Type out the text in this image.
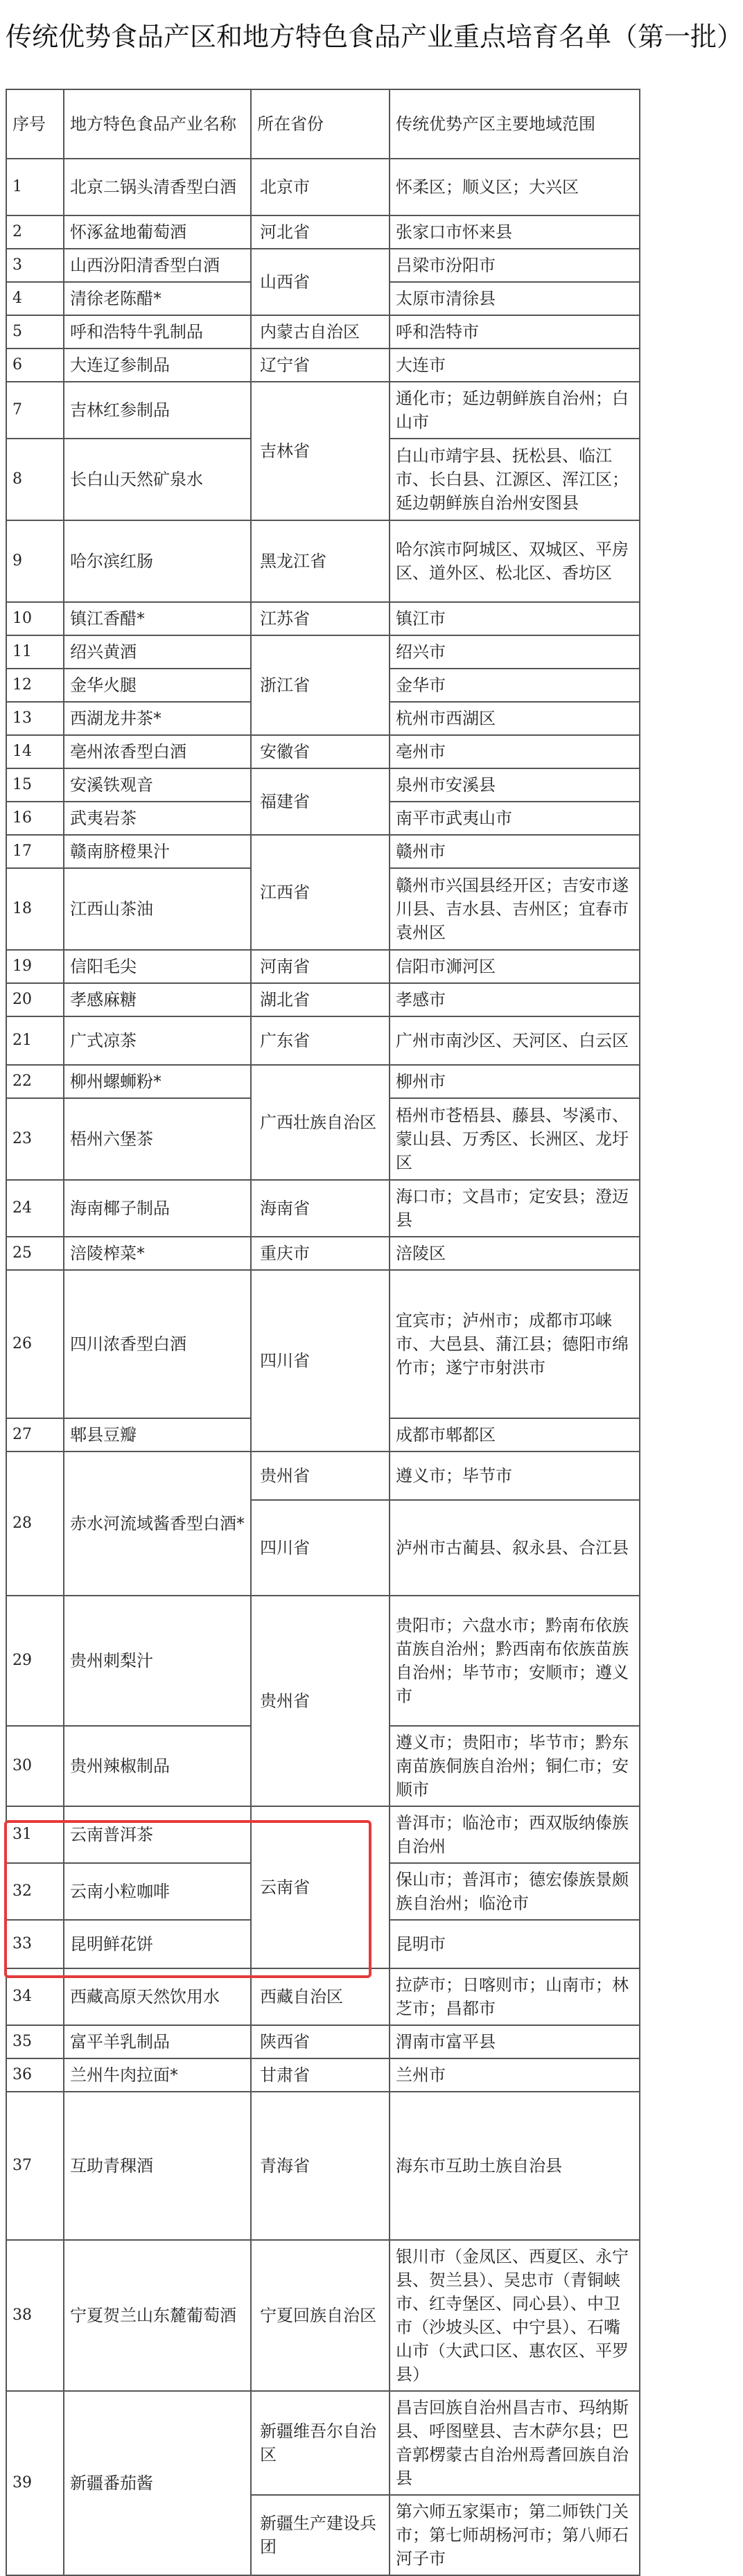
传统优势食品产区和地方特色食品产业重点培育名单（第一批）
序号	地方特色食品产业名称	所在省份	传统优势产区主要地域范围
1	北京二锅头清香型白酒	北京市	怀柔区；顺义区；大兴区
2	怀涿盆地葡萄酒	河北省	张家口市怀来县
3	山西汾阳清香型白酒	山西省	吕梁市汾阳市
4	清徐老陈醋*		太原市清徐县
5	呼和浩特牛乳制品	内蒙古自治区	呼和浩特市
6	大连辽参制品	辽宁省	大连市
7	吉林红参制品	吉林省	通化市；延边朝鲜族自治州；白山市
8	长白山天然矿泉水		白山市靖宇县、抚松县、临江市、长白县、江源区、浑江区；延边朝鲜族自治州安图县
9	哈尔滨红肠	黑龙江省	哈尔滨市阿城区、双城区、平房区、道外区、松北区、香坊区
10	镇江香醋*	江苏省	镇江市
11	绍兴黄酒	浙江省	绍兴市
12	金华火腿		金华市
13	西湖龙井茶*		杭州市西湖区
14	亳州浓香型白酒	安徽省	亳州市
15	安溪铁观音	福建省	泉州市安溪县
16	武夷岩茶		南平市武夷山市
17	赣南脐橙果汁	江西省	赣州市
18	江西山茶油		赣州市兴国县经开区；吉安市遂川县、吉水县、吉州区；宜春市袁州区
19	信阳毛尖	河南省	信阳市浉河区
20	孝感麻糖	湖北省	孝感市
21	广式凉茶	广东省	广州市南沙区、天河区、白云区
22	柳州螺蛳粉*	广西壮族自治区	柳州市
23	梧州六堡茶		梧州市苍梧县、藤县、岑溪市、蒙山县、万秀区、长洲区、龙圩区
24	海南椰子制品	海南省	海口市；文昌市；定安县；澄迈县
25	涪陵榨菜*	重庆市	涪陵区
26	四川浓香型白酒	四川省	宜宾市；泸州市；成都市邛崃市、大邑县、蒲江县；德阳市绵竹市；遂宁市射洪市
27	郫县豆瓣		成都市郫都区
28	赤水河流域酱香型白酒*	贵州省	遵义市；毕节市
		四川省	泸州市古蔺县、叙永县、合江县
29	贵州刺梨汁	贵州省	贵阳市；六盘水市；黔南布依族苗族自治州；黔西南布依族苗族自治州；毕节市；安顺市；遵义市
30	贵州辣椒制品		遵义市；贵阳市；毕节市；黔东南苗族侗族自治州；铜仁市；安顺市
31	云南普洱茶	云南省	普洱市；临沧市；西双版纳傣族自治州
32	云南小粒咖啡		保山市；普洱市；德宏傣族景颇族自治州；临沧市
33	昆明鲜花饼		昆明市
34	西藏高原天然饮用水	西藏自治区	拉萨市；日喀则市；山南市；林芝市；昌都市
35	富平羊乳制品	陕西省	渭南市富平县
36	兰州牛肉拉面*	甘肃省	兰州市
37	互助青稞酒	青海省	海东市互助土族自治县
38	宁夏贺兰山东麓葡萄酒	宁夏回族自治区	银川市（金凤区、西夏区、永宁县、贺兰县）、吴忠市（青铜峡市、红寺堡区、同心县）、中卫市（沙坡头区、中宁县）、石嘴山市（大武口区、惠农区、平罗县）
39	新疆番茄酱	新疆维吾尔自治区	昌吉回族自治州昌吉市、玛纳斯县、呼图壁县、吉木萨尔县；巴音郭楞蒙古自治州焉耆回族自治县
		新疆生产建设兵团	第六师五家渠市；第二师铁门关市；第七师胡杨河市；第八师石河子市
